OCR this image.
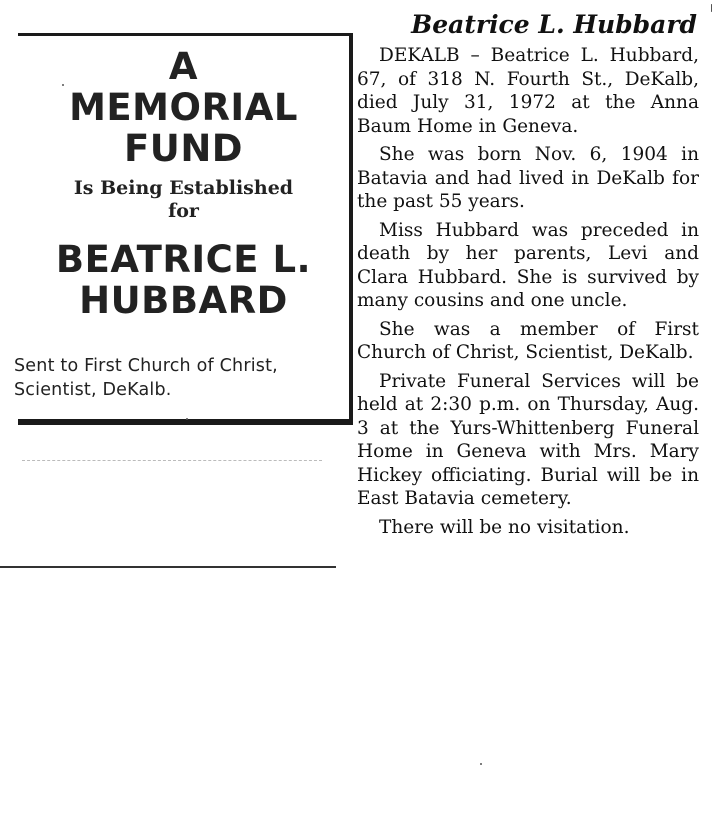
A
MEMORIAL
FUND
Is Being Established
for
BEATRICE L.
HUBBARD
Sent to First Church of Christ,
Scientist, DeKalb.
Beatrice L. Hubbard

DEKALB – Beatrice L. Hubbard, 67, of 318 N. Fourth St., DeKalb, died July 31, 1972 at the Anna Baum Home in Geneva.

She was born Nov. 6, 1904 in Batavia and had lived in DeKalb for the past 55 years.

Miss Hubbard was preceded in death by her parents, Levi and Clara Hubbard. She is survived by many cousins and one uncle.

She was a member of First Church of Christ, Scientist, DeKalb.

Private Funeral Services will be held at 2:30 p.m. on Thursday, Aug. 3 at the Yurs-Whittenberg Funeral Home in Geneva with Mrs. Mary Hickey officiating. Burial will be in East Batavia cemetery.

There will be no visitation.
